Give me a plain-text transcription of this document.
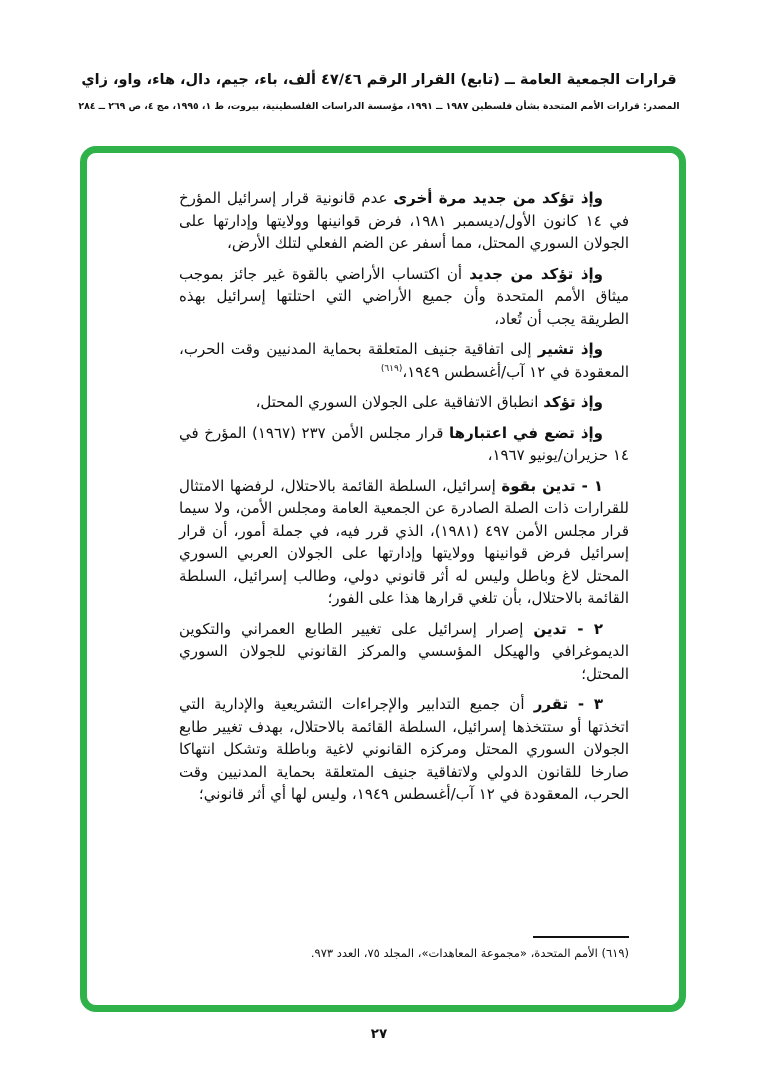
قرارات الجمعية العامة ــ (تابع) القرار الرقم ٤٧/٤٦ ألف، باء، جيم، دال، هاء، واو، زاي
المصدر: قرارات الأمم المتحدة بشأن فلسطين ١٩٨٧ ــ ١٩٩١، مؤسسة الدراسات الفلسطينية، بيروت، ط ١، ١٩٩٥، مج ٤، ص ٢٦٩ ــ ٢٨٤

وإذ تؤكد من جديد مرة أخرى عدم قانونية قرار إسرائيل المؤرخ في ١٤ كانون الأول/ديسمبر ١٩٨١، فرض قوانينها وولايتها وإدارتها على الجولان السوري المحتل، مما أسفر عن الضم الفعلي لتلك الأرض،

وإذ تؤكد من جديد أن اكتساب الأراضي بالقوة غير جائز بموجب ميثاق الأمم المتحدة وأن جميع الأراضي التي احتلتها إسرائيل بهذه الطريقة يجب أن تُعاد،

وإذ تشير إلى اتفاقية جنيف المتعلقة بحماية المدنيين وقت الحرب، المعقودة في ١٢ آب/أغسطس ١٩٤٩،$^{(٦١٩)}$

وإذ تؤكد انطباق الاتفاقية على الجولان السوري المحتل،

وإذ تضع في اعتبارها قرار مجلس الأمن ٢٣٧ (١٩٦٧) المؤرخ في ١٤ حزيران/يونيو ١٩٦٧،

١ - تدين بقوة إسرائيل، السلطة القائمة بالاحتلال، لرفضها الامتثال للقرارات ذات الصلة الصادرة عن الجمعية العامة ومجلس الأمن، ولا سيما قرار مجلس الأمن ٤٩٧ (١٩٨١)، الذي قرر فيه، في جملة أمور، أن قرار إسرائيل فرض قوانينها وولايتها وإدارتها على الجولان العربي السوري المحتل لاغ وباطل وليس له أثر قانوني دولي، وطالب إسرائيل، السلطة القائمة بالاحتلال، بأن تلغي قرارها هذا على الفور؛

٢ - تدين إصرار إسرائيل على تغيير الطابع العمراني والتكوين الديموغرافي والهيكل المؤسسي والمركز القانوني للجولان السوري المحتل؛

٣ - تقرر أن جميع التدابير والإجراءات التشريعية والإدارية التي اتخذتها أو ستتخذها إسرائيل، السلطة القائمة بالاحتلال، بهدف تغيير طابع الجولان السوري المحتل ومركزه القانوني لاغية وباطلة وتشكل انتهاكا صارخا للقانون الدولي ولاتفاقية جنيف المتعلقة بحماية المدنيين وقت الحرب، المعقودة في ١٢ آب/أغسطس ١٩٤٩، وليس لها أي أثر قانوني؛

(٦١٩) الأمم المتحدة، «مجموعة المعاهدات»، المجلد ٧٥، العدد ٩٧٣.
٢٧
